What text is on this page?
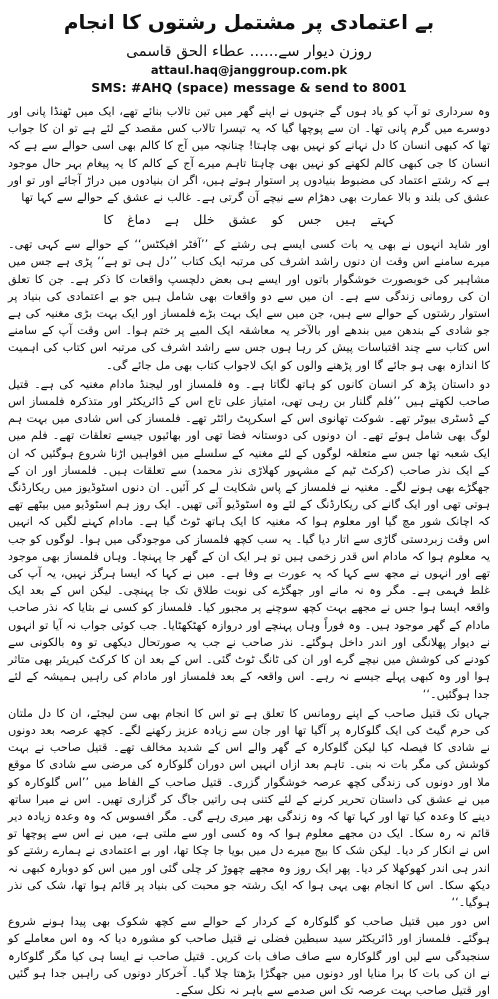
بے اعتمادی پر مشتمل رشتوں کا انجام
روزن دیوار سے...... عطاء الحق قاسمی
attaul.haq@janggroup.com.pk
SMS: #AHQ (space) message & send to 8001

وہ سرداری تو آپ کو یاد ہوں گے جنہوں نے اپنے گھر میں تین تالاب بنائے تھے، ایک میں ٹھنڈا پانی اور دوسرے میں گرم پانی تھا۔ ان سے پوچھا گیا کہ یہ تیسرا تالاب کس مقصد کے لئے ہے تو ان کا جواب تھا کہ کبھی انسان کا دل نہانے کو نہیں بھی چاہتا! چنانچہ میں آج کا کالم بھی اسی حوالے سے ہے کہ انسان کا جی کبھی کالم لکھنے کو نہیں بھی چاہتا تاہم میرے آج کے کالم کا یہ پیغام بہر حال موجود ہے کہ رشتے اعتماد کی مضبوط بنیادوں پر استوار ہوتے ہیں، اگر ان بنیادوں میں دراڑ آجائے اور تو اور عشق کی بلند و بالا عمارت بھی دھڑام سے نیچے آن گرتی ہے۔ غالب نے عشق کے حوالے سے کہا تھا

کہتے ہیں جس کو عشق خلل ہے دماغ کا

اور شاید انہوں نے بھی یہ بات کسی ایسے ہی رشتے کے ’’آفٹر افیکٹس‘‘ کے حوالے سے کہی تھی۔ میرے سامنے اس وقت ان دنوں راشد اشرف کی مرتبہ ایک کتاب ’’دل ہی تو ہے‘‘ پڑی ہے جس میں مشاہیر کی خوبصورت خوشگوار باتوں اور ایسے ہی بعض دلچسپ واقعات کا ذکر ہے۔ جن کا تعلق ان کی رومانی زندگی سے ہے۔ ان میں سے دو واقعات بھی شامل ہیں جو بے اعتمادی کی بنیاد پر استوار رشتوں کے حوالے سے ہیں، جن میں سے ایک بہت بڑے فلمساز اور ایک بہت بڑی مغنیہ کی ہے جو شادی کے بندھن میں بندھے اور بالآخر یہ معاشقہ ایک المیے پر ختم ہوا۔ اس وقت آپ کے سامنے اس کتاب سے چند اقتباسات پیش کر رہا ہوں جس سے راشد اشرف کی مرتبہ اس کتاب کی اہمیت کا اندازہ بھی ہو جائے گا اور پڑھنے والوں کو ایک لاجواب کتاب بھی مل جائے گی۔

دو داستان پڑھ کر انسان کانوں کو ہاتھ لگاتا ہے۔ وہ فلمساز اور لیجنڈ مادام مغنیہ کی ہے۔ قتیل صاحب لکھتے ہیں ’’فلم گلنار بن رہی تھی، امتیاز علی تاج اس کے ڈائریکٹر اور متذکرہ فلمساز اس کے ڈسٹری بیوٹر تھے۔ شوکت تھانوی اس کے اسکرپٹ رائٹر تھے۔ فلمساز کی اس شادی میں بہت ہم لوگ بھی شامل ہوئے تھے۔ ان دونوں کی دوستانہ فضا تھی اور بھائیوں جیسے تعلقات تھے۔ فلم میں ایک شعبہ تھا جس سے متعلقہ لوگوں کے لئے مغنیہ کے سلسلے میں افواہیں اڑنا شروع ہوگئیں کہ ان کے ایک نذر صاحب (کرکٹ ٹیم کے مشہور کھلاڑی نذر محمد) سے تعلقات ہیں۔ فلمساز اور ان کے جھگڑے بھی ہونے لگے۔ مغنیہ نے فلمساز کے پاس شکایت لے کر آئیں۔ ان دنوں اسٹوڈیوز میں ریکارڈنگ ہوتی تھی اور ایک گانے کی ریکارڈنگ کے لئے وہ اسٹوڈیو آتی تھیں۔ ایک روز ہم اسٹوڈیو میں بیٹھے تھے کہ اچانک شور مچ گیا اور معلوم ہوا کہ مغنیہ کا ایک ہاتھ ٹوٹ گیا ہے۔ مادام کہنے لگیں کہ انہیں اس وقت زبردستی گاڑی سے اتار دیا گیا۔ یہ سب کچھ فلمساز کی موجودگی میں ہوا۔ لوگوں کو جب یہ معلوم ہوا کہ مادام اس قدر زخمی ہیں تو ہر ایک ان کے گھر جا پہنچا۔ وہاں فلمساز بھی موجود تھے اور انہوں نے مجھ سے کہا کہ یہ عورت بے وفا ہے۔ میں نے کہا کہ ایسا ہرگز نہیں، یہ آپ کی غلط فہمی ہے۔ مگر وہ نہ مانے اور جھگڑے کی نوبت طلاق تک جا پہنچی۔ لیکن اس کے بعد ایک واقعہ ایسا ہوا جس نے مجھے بہت کچھ سوچنے پر مجبور کیا۔ فلمساز کو کسی نے بتایا کہ نذر صاحب مادام کے گھر موجود ہیں۔ وہ فوراً وہاں پہنچے اور دروازہ کھٹکھٹایا۔ جب کوئی جواب نہ آیا تو انہوں نے دیوار پھلانگی اور اندر داخل ہوگئے۔ نذر صاحب نے جب یہ صورتحال دیکھی تو وہ بالکونی سے کودنے کی کوشش میں نیچے گرے اور ان کی ٹانگ ٹوٹ گئی۔ اس کے بعد ان کا کرکٹ کیریئر بھی متاثر ہوا اور وہ کبھی پہلے جیسے نہ رہے۔ اس واقعہ کے بعد فلمساز اور مادام کی راہیں ہمیشہ کے لئے جدا ہوگئیں۔‘‘

جہاں تک قتیل صاحب کے اپنے رومانس کا تعلق ہے تو اس کا انجام بھی سن لیجئے، ان کا دل ملتان کی حرم گیٹ کی ایک گلوکارہ پر آگیا تھا اور جان سے زیادہ عزیز رکھنے لگے۔ کچھ عرصہ بعد دونوں نے شادی کا فیصلہ کیا لیکن گلوکارہ کے گھر والے اس کے شدید مخالف تھے۔ قتیل صاحب نے بہت کوشش کی مگر بات نہ بنی۔ تاہم بعد ازاں انہیں اس دوران گلوکارہ کی مرضی سے شادی کا موقع ملا اور دونوں کی زندگی کچھ عرصہ خوشگوار گزری۔ قتیل صاحب کے الفاظ میں ’’اس گلوکارہ کو میں نے عشق کی داستان تحریر کرنے کے لئے کتنی ہی راتیں جاگ کر گزاری تھیں۔ اس نے میرا ساتھ دینے کا وعدہ کیا تھا اور کہا تھا کہ وہ زندگی بھر میری رہے گی۔ مگر افسوس کہ وہ وعدہ زیادہ دیر قائم نہ رہ سکا۔ ایک دن مجھے معلوم ہوا کہ وہ کسی اور سے ملتی ہے، میں نے اس سے پوچھا تو اس نے انکار کر دیا۔ لیکن شک کا بیج میرے دل میں بویا جا چکا تھا، اور بے اعتمادی نے ہمارے رشتے کو اندر ہی اندر کھوکھلا کر دیا۔ پھر ایک روز وہ مجھے چھوڑ کر چلی گئی اور میں اس کو دوبارہ کبھی نہ دیکھ سکا۔ اس کا انجام بھی یہی ہوا کہ ایک رشتہ جو محبت کی بنیاد پر قائم ہوا تھا، شک کی نذر ہوگیا۔‘‘

اس دور میں قتیل صاحب کو گلوکارہ کے کردار کے حوالے سے کچھ شکوک بھی پیدا ہونے شروع ہوگئے۔ فلمساز اور ڈائریکٹر سید سبطین فضلی نے قتیل صاحب کو مشورہ دیا کہ وہ اس معاملے کو سنجیدگی سے لیں اور گلوکارہ سے صاف صاف بات کریں۔ قتیل صاحب نے ایسا ہی کیا مگر گلوکارہ نے ان کی بات کا برا منایا اور دونوں میں جھگڑا بڑھتا چلا گیا۔ آخرکار دونوں کی راہیں جدا ہو گئیں اور قتیل صاحب بہت عرصہ تک اس صدمے سے باہر نہ نکل سکے۔
